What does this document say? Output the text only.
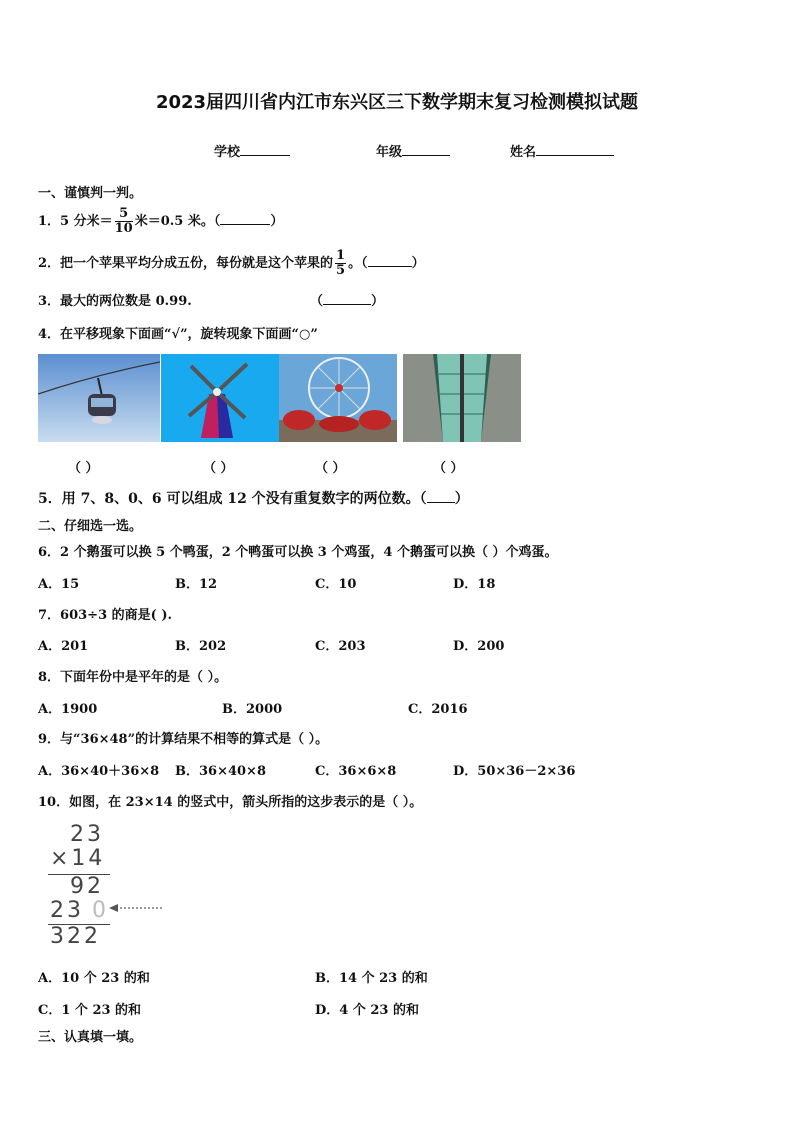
2023届四川省内江市东兴区三下数学期末复习检测模拟试题
学校	年级	姓名
一、谨慎判一判。
1．5 分米＝ $\frac{5}{10}$ 米＝0.5 米。（	）
2．把一个苹果平均分成五份，每份就是这个苹果的 $\frac{1}{5}$ 。（	）
3．最大的两位数是 0.99.	（	）
4．在平移现象下面画“√”，旋转现象下面画“○”
（ ）	（ ）	（ ）	（ ）
5．用 7、8、0、6 可以组成 12 个没有重复数字的两位数。（ ）
二、仔细选一选。
6．2 个鹅蛋可以换 5 个鸭蛋，2 个鸭蛋可以换 3 个鸡蛋，4 个鹅蛋可以换（ ）个鸡蛋。
A．15	B．12	C．10	D．18
7．603÷3 的商是( ).
A．201	B．202	C．203	D．200
8．下面年份中是平年的是（ ）。
A．1900	B．2000	C．2016
9．与“36×48”的计算结果不相等的算式是（ ）。
A．36×40＋36×8 B．36×40×8	C．36×6×8	D．50×36－2×36
10．如图，在 23×14 的竖式中，箭头所指的这步表示的是（ ）。
23
×14
92
23 0
322
A．10 个 23 的和	B．14 个 23 的和
C．1 个 23 的和	D．4 个 23 的和
三、认真填一填。
